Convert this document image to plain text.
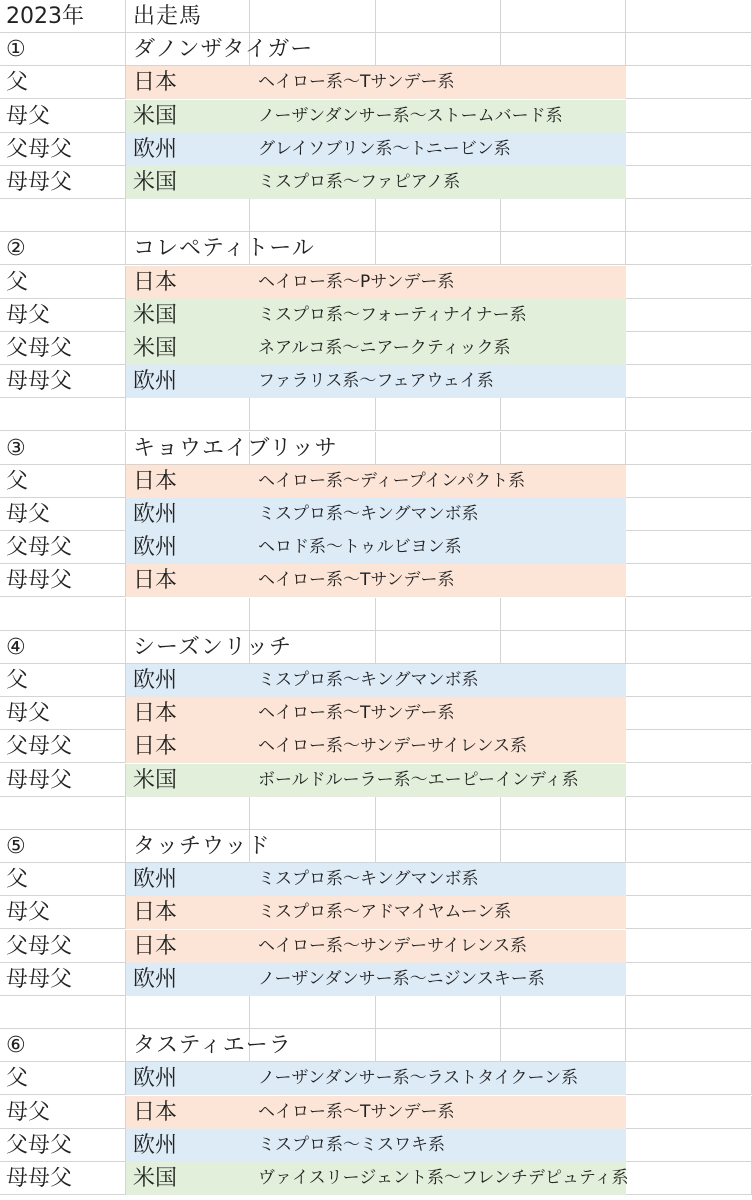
2023年 出走馬
①	ダノンザタイガー
父	日本	ヘイロー系～Tサンデー系
母父	米国	ノーザンダンサー系～ストームバード系
父母父	欧州	グレイソブリン系～トニービン系
母母父	米国	ミスプロ系～ファピアノ系
②	コレペティトール
父	日本	ヘイロー系～Pサンデー系
母父	米国	ミスプロ系～フォーティナイナー系
父母父	米国	ネアルコ系～ニアークティック系
母母父	欧州	ファラリス系～フェアウェイ系
③	キョウエイブリッサ
父	日本	ヘイロー系～ディープインパクト系
母父	欧州	ミスプロ系～キングマンボ系
父母父	欧州	ヘロド系～トゥルビヨン系
母母父	日本	ヘイロー系～Tサンデー系
④	シーズンリッチ
父	欧州	ミスプロ系～キングマンボ系
母父	日本	ヘイロー系～Tサンデー系
父母父	日本	ヘイロー系～サンデーサイレンス系
母母父	米国	ボールドルーラー系～エーピーインディ系
⑤	タッチウッド
父	欧州	ミスプロ系～キングマンボ系
母父	日本	ミスプロ系～アドマイヤムーン系
父母父	日本	ヘイロー系～サンデーサイレンス系
母母父	欧州	ノーザンダンサー系～ニジンスキー系
⑥	タスティエーラ
父	欧州	ノーザンダンサー系～ラストタイクーン系
母父	日本	ヘイロー系～Tサンデー系
父母父	欧州	ミスプロ系～ミスワキ系
母母父	米国	ヴァイスリージェント系～フレンチデピュティ系
